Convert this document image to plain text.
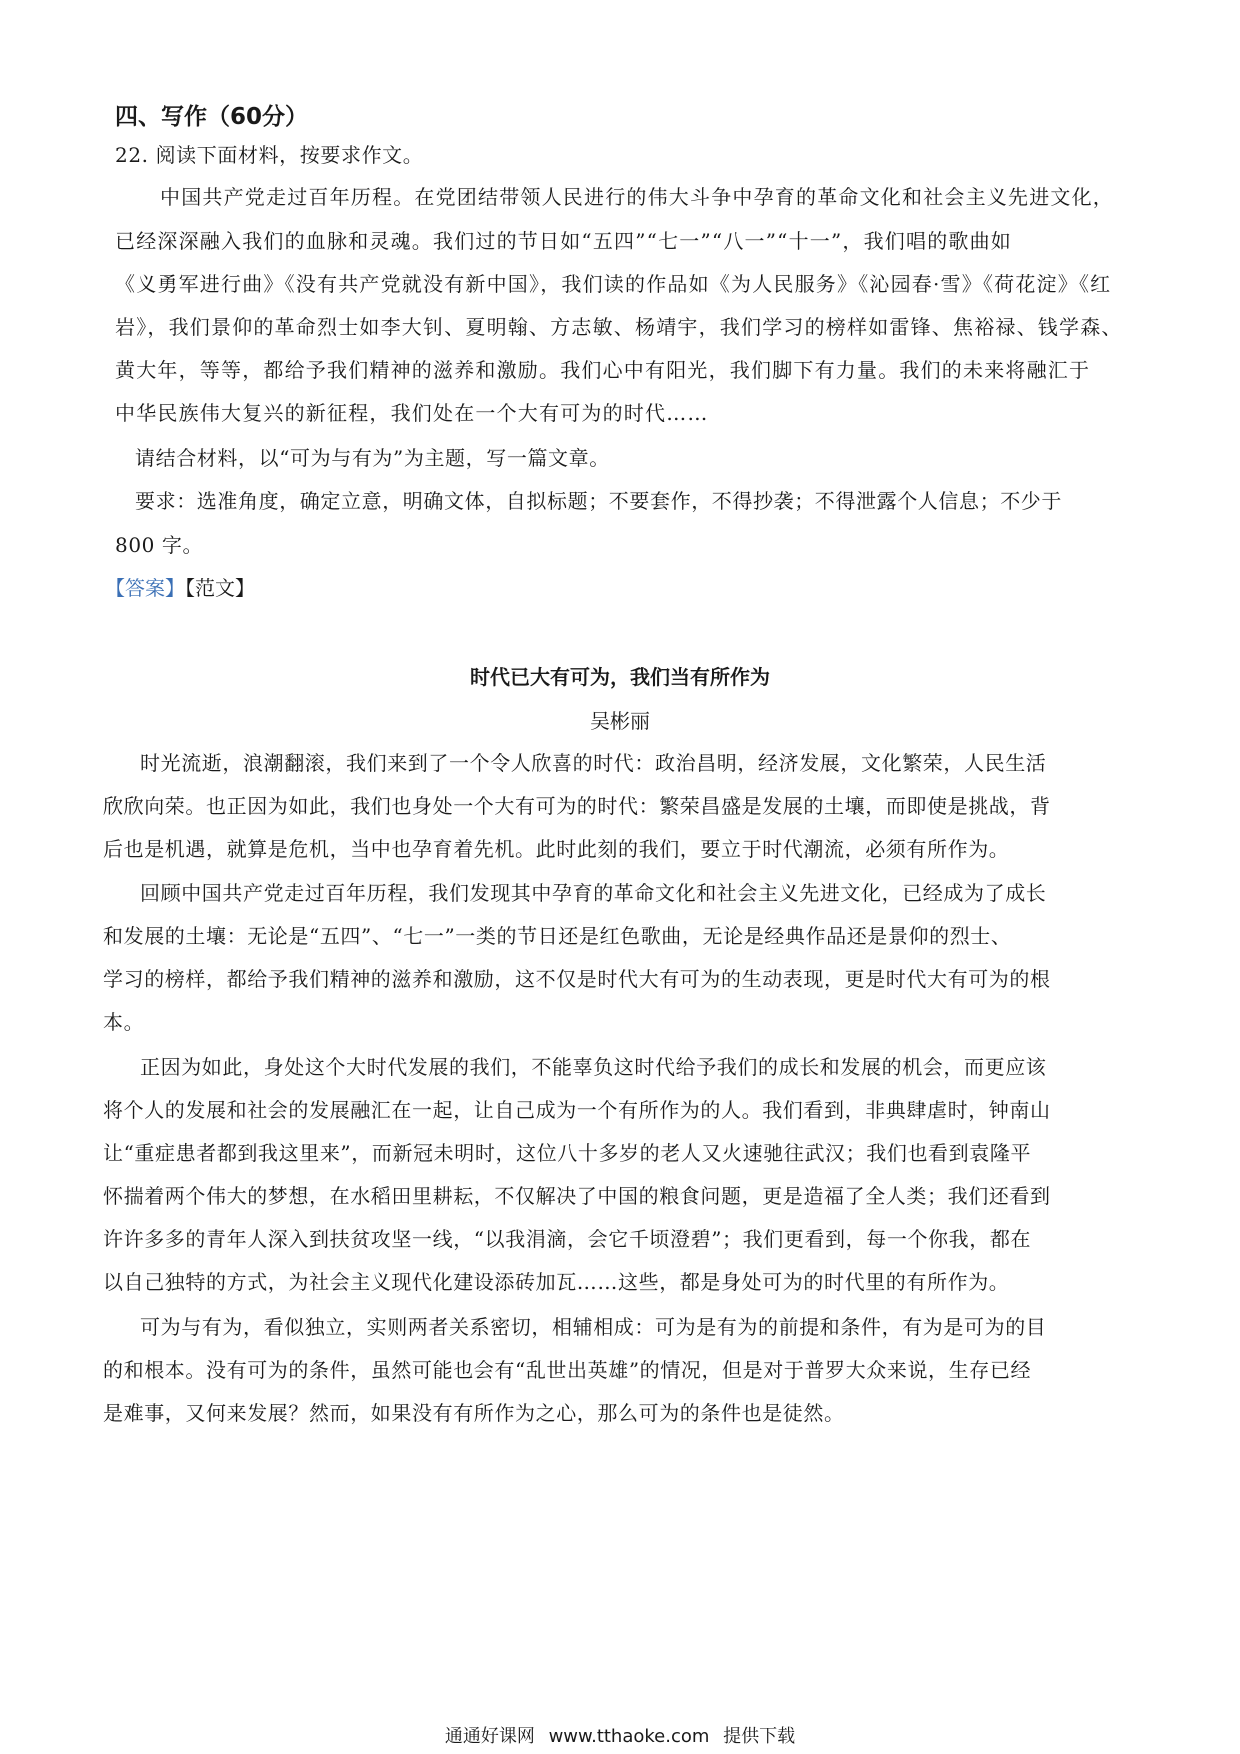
四、写作（60分）
22. 阅读下面材料，按要求作文。
中国共产党走过百年历程。在党团结带领人民进行的伟大斗争中孕育的革命文化和社会主义先进文化，
已经深深融入我们的血脉和灵魂。我们过的节日如“五四”“七一”“八一”“十一”，我们唱的歌曲如
《义勇军进行曲》《没有共产党就没有新中国》，我们读的作品如《为人民服务》《沁园春·雪》《荷花淀》《红
岩》，我们景仰的革命烈士如李大钊、夏明翰、方志敏、杨靖宇，我们学习的榜样如雷锋、焦裕禄、钱学森、
黄大年，等等，都给予我们精神的滋养和激励。我们心中有阳光，我们脚下有力量。我们的未来将融汇于
中华民族伟大复兴的新征程，我们处在一个大有可为的时代……
请结合材料，以“可为与有为”为主题，写一篇文章。
要求：选准角度，确定立意，明确文体，自拟标题；不要套作，不得抄袭；不得泄露个人信息；不少于
800 字。
【答案】【范文】
时代已大有可为，我们当有所作为
吴彬丽
时光流逝，浪潮翻滚，我们来到了一个令人欣喜的时代：政治昌明，经济发展，文化繁荣，人民生活
欣欣向荣。也正因为如此，我们也身处一个大有可为的时代：繁荣昌盛是发展的土壤，而即使是挑战，背
后也是机遇，就算是危机，当中也孕育着先机。此时此刻的我们，要立于时代潮流，必须有所作为。
回顾中国共产党走过百年历程，我们发现其中孕育的革命文化和社会主义先进文化，已经成为了成长
和发展的土壤：无论是“五四”、“七一”一类的节日还是红色歌曲，无论是经典作品还是景仰的烈士、
学习的榜样，都给予我们精神的滋养和激励，这不仅是时代大有可为的生动表现，更是时代大有可为的根
本。
正因为如此，身处这个大时代发展的我们，不能辜负这时代给予我们的成长和发展的机会，而更应该
将个人的发展和社会的发展融汇在一起，让自己成为一个有所作为的人。我们看到，非典肆虐时，钟南山
让“重症患者都到我这里来”，而新冠未明时，这位八十多岁的老人又火速驰往武汉；我们也看到袁隆平
怀揣着两个伟大的梦想，在水稻田里耕耘，不仅解决了中国的粮食问题，更是造福了全人类；我们还看到
许许多多的青年人深入到扶贫攻坚一线，“以我涓滴，会它千顷澄碧”；我们更看到，每一个你我，都在
以自己独特的方式，为社会主义现代化建设添砖加瓦……这些，都是身处可为的时代里的有所作为。
可为与有为，看似独立，实则两者关系密切，相辅相成：可为是有为的前提和条件，有为是可为的目
的和根本。没有可为的条件，虽然可能也会有“乱世出英雄”的情况，但是对于普罗大众来说，生存已经
是难事，又何来发展？然而，如果没有有所作为之心，那么可为的条件也是徒然。
通通好课网 www.tthaoke.com 提供下载
